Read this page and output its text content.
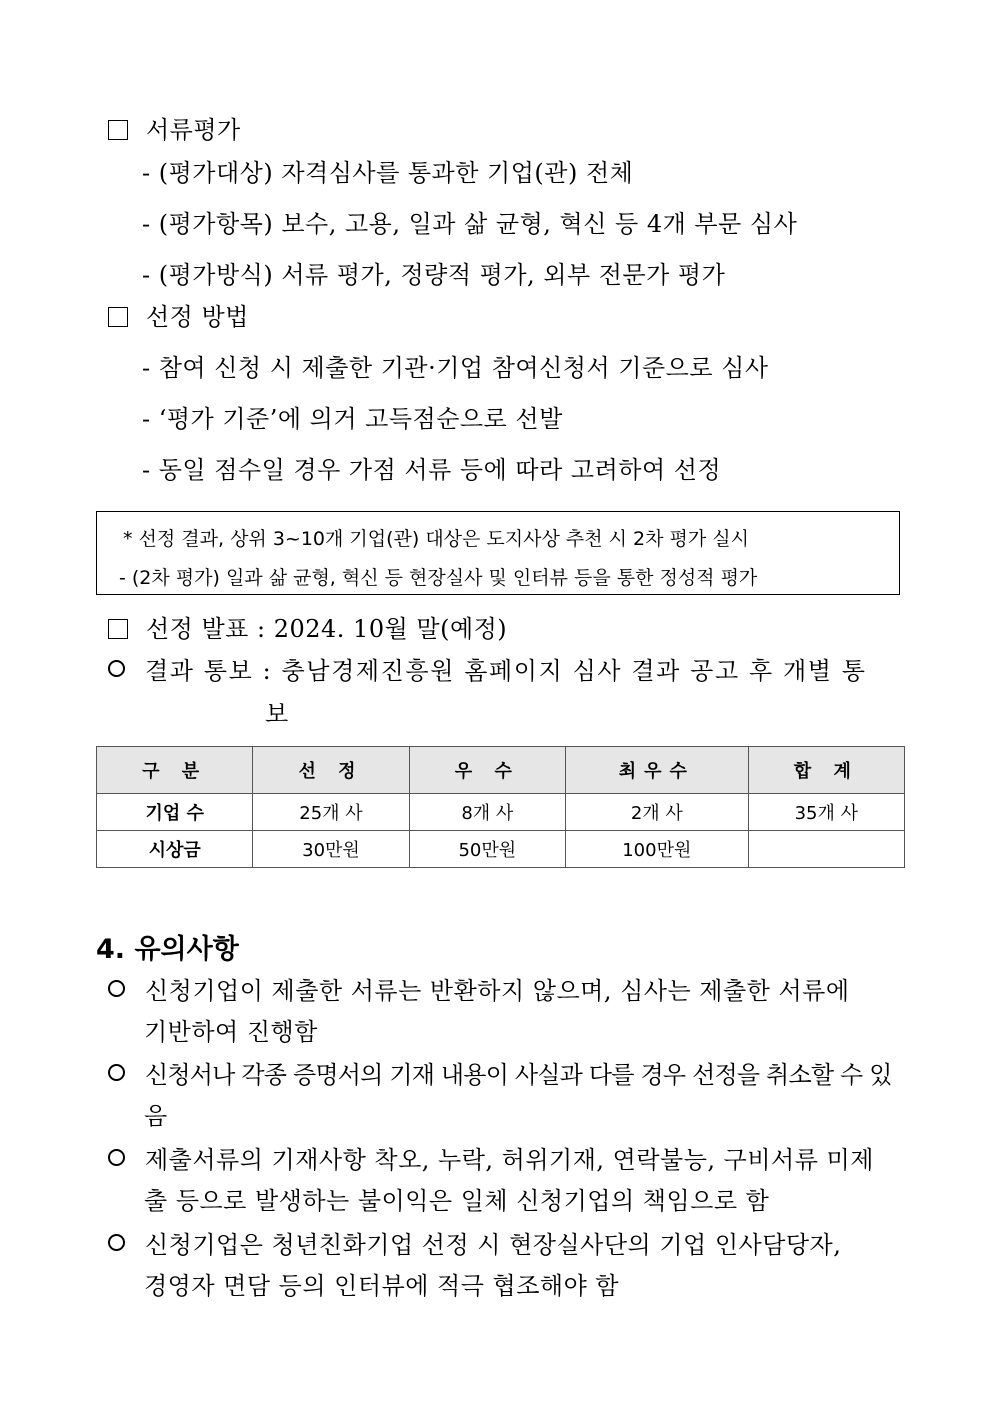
서류평가
- (평가대상) 자격심사를 통과한 기업(관) 전체
- (평가항목) 보수, 고용, 일과 삶 균형, 혁신 등 4개 부문 심사
- (평가방식) 서류 평가, 정량적 평가, 외부 전문가 평가
선정 방법
- 참여 신청 시 제출한 기관·기업 참여신청서 기준으로 심사
- ‘평가 기준’에 의거 고득점순으로 선발
- 동일 점수일 경우 가점 서류 등에 따라 고려하여 선정
* 선정 결과, 상위 3~10개 기업(관) 대상은 도지사상 추천 시 2차 평가 실시
- (2차 평가) 일과 삶 균형, 혁신 등 현장실사 및 인터뷰 등을 통한 정성적 평가
선정 발표 : 2024. 10월 말(예정)
결과 통보 : 충남경제진흥원 홈페이지 심사 결과 공고 후 개별 통
보
구 분	선 정	우 수	최우수	합 계
기업 수	25개 사	8개 사	2개 사	35개 사
시상금	30만원	50만원	100만원	
4. 유의사항
신청기업이 제출한 서류는 반환하지 않으며, 심사는 제출한 서류에
기반하여 진행함
신청서나 각종 증명서의 기재 내용이 사실과 다를 경우 선정을 취소할 수 있
음
제출서류의 기재사항 착오, 누락, 허위기재, 연락불능, 구비서류 미제
출 등으로 발생하는 불이익은 일체 신청기업의 책임으로 함
신청기업은 청년친화기업 선정 시 현장실사단의 기업 인사담당자,
경영자 면담 등의 인터뷰에 적극 협조해야 함
